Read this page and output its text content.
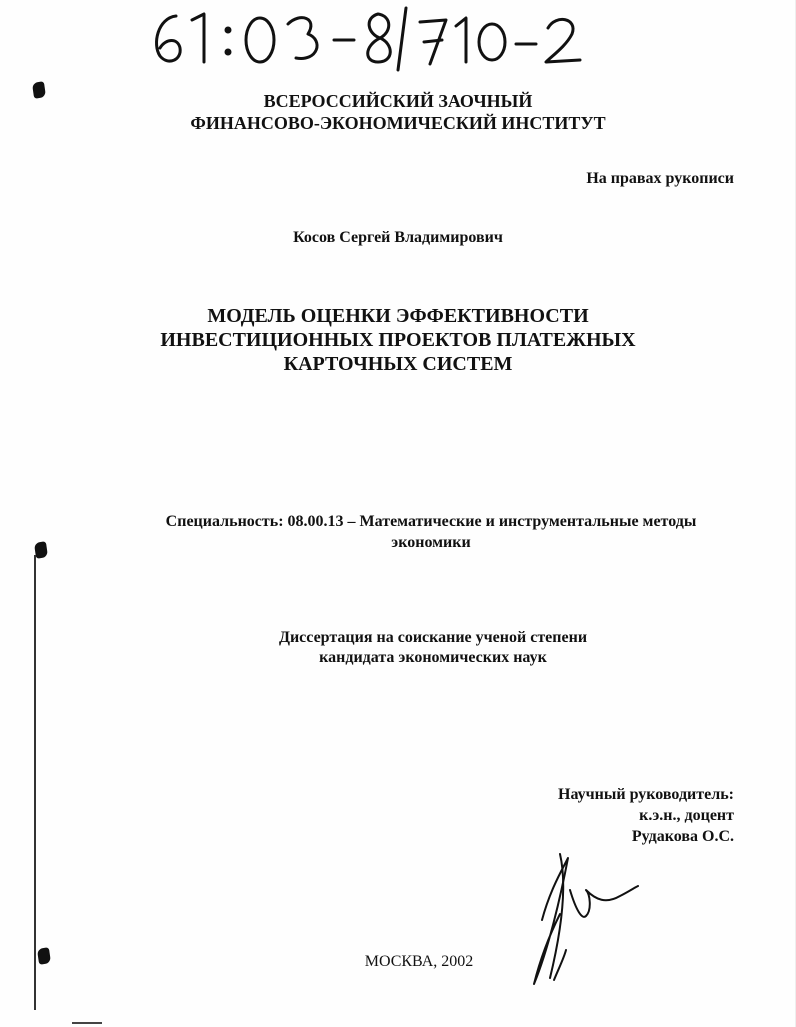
ВСЕРОССИЙСКИЙ ЗАОЧНЫЙ
ФИНАНСОВО-ЭКОНОМИЧЕСКИЙ ИНСТИТУТ
На правах рукописи
Косов Сергей Владимирович
МОДЕЛЬ ОЦЕНКИ ЭФФЕКТИВНОСТИ
ИНВЕСТИЦИОННЫХ ПРОЕКТОВ ПЛАТЕЖНЫХ
КАРТОЧНЫХ СИСТЕМ
Специальность: 08.00.13 – Математические и инструментальные методы
экономики
Диссертация на соискание ученой степени
кандидата экономических наук
Научный руководитель:
к.э.н., доцент
Рудакова О.С.
МОСКВА, 2002
